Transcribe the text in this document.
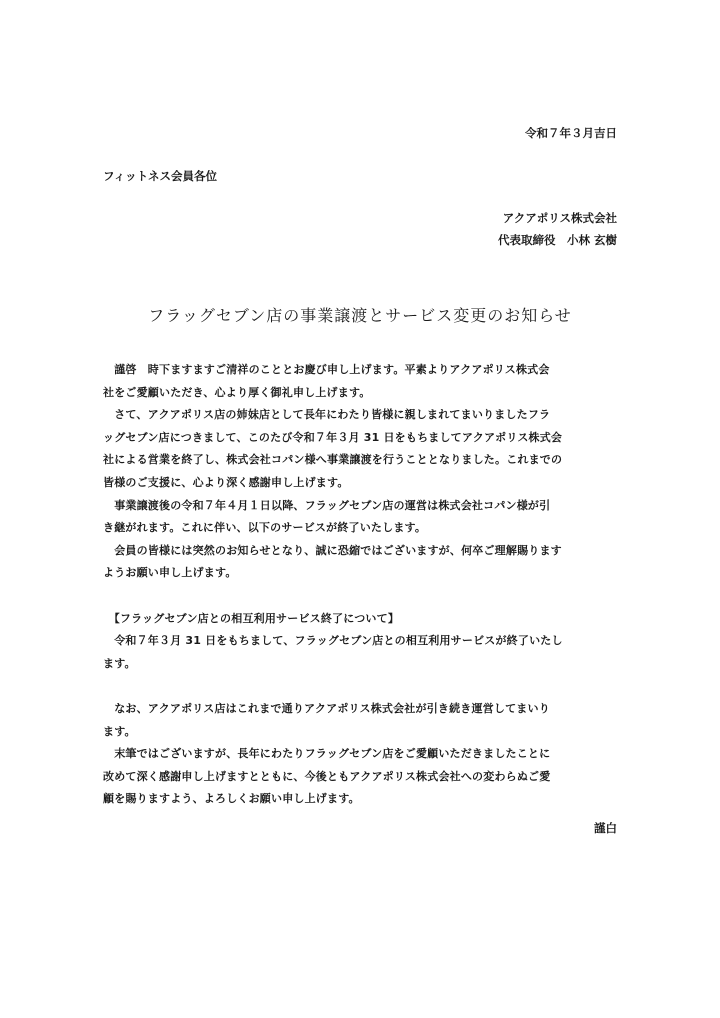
令和７年３月吉日
フィットネス会員各位
アクアポリス株式会社
代表取締役　小林 玄樹
フラッグセブン店の事業譲渡とサービス変更のお知らせ
　謹啓　時下ますますご清祥のこととお慶び申し上げます。平素よりアクアポリス株式会
社をご愛顧いただき、心より厚く御礼申し上げます。
　さて、アクアポリス店の姉妹店として長年にわたり皆様に親しまれてまいりましたフラ
ッグセブン店につきまして、このたび令和７年３月 31 日をもちましてアクアポリス株式会
社による営業を終了し、株式会社コパン様へ事業譲渡を行うこととなりました。これまでの
皆様のご支援に、心より深く感謝申し上げます。
　事業譲渡後の令和７年４月１日以降、フラッグセブン店の運営は株式会社コパン様が引
き継がれます。これに伴い、以下のサービスが終了いたします。
　会員の皆様には突然のお知らせとなり、誠に恐縮ではございますが、何卒ご理解賜ります
ようお願い申し上げます。
　【フラッグセブン店との相互利用サービス終了について】
　令和７年３月 31 日をもちまして、フラッグセブン店との相互利用サービスが終了いたし
ます。
　なお、アクアポリス店はこれまで通りアクアポリス株式会社が引き続き運営してまいり
ます。
　末筆ではございますが、長年にわたりフラッグセブン店をご愛顧いただきましたことに
改めて深く感謝申し上げますとともに、今後ともアクアポリス株式会社への変わらぬご愛
顧を賜りますよう、よろしくお願い申し上げます。
謹白
